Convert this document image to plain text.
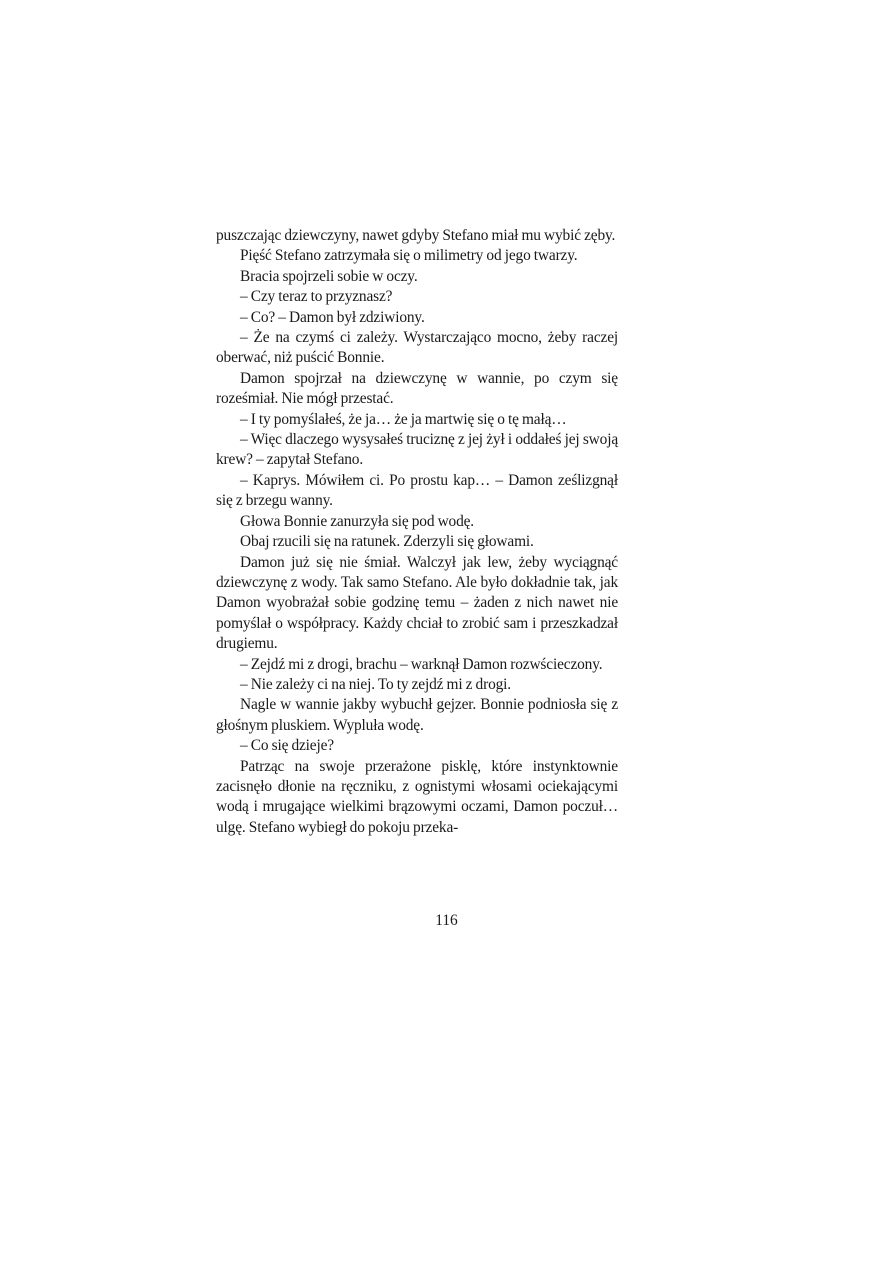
puszczając dziewczyny, nawet gdyby Stefano miał mu wybić zęby.

Pięść Stefano zatrzymała się o milimetry od jego twarzy.

Bracia spojrzeli sobie w oczy.

– Czy teraz to przyznasz?

– Co? – Damon był zdziwiony.

– Że na czymś ci zależy. Wystarczająco mocno, żeby raczej oberwać, niż puścić Bonnie.

Damon spojrzał na dziewczynę w wannie, po czym się roześmiał. Nie mógł przestać.

– I ty pomyślałeś, że ja… że ja martwię się o tę małą…

– Więc dlaczego wysysałeś truciznę z jej żył i oddałeś jej swoją krew? – zapytał Stefano.

– Kaprys. Mówiłem ci. Po prostu kap… – Damon ześlizgnął się z brzegu wanny.

Głowa Bonnie zanurzyła się pod wodę.

Obaj rzucili się na ratunek. Zderzyli się głowami.

Damon już się nie śmiał. Walczył jak lew, żeby wyciągnąć dziewczynę z wody. Tak samo Stefano. Ale było dokładnie tak, jak Damon wyobrażał sobie godzinę temu – żaden z nich nawet nie pomyślał o współpracy. Każdy chciał to zrobić sam i przeszkadzał drugiemu.

– Zejdź mi z drogi, brachu – warknął Damon rozwścieczony.

– Nie zależy ci na niej. To ty zejdź mi z drogi.

Nagle w wannie jakby wybuchł gejzer. Bonnie podniosła się z głośnym pluskiem. Wypluła wodę.

– Co się dzieje?

Patrząc na swoje przerażone pisklę, które instynktownie zacisnęło dłonie na ręczniku, z ognistymi włosami ociekającymi wodą i mrugające wielkimi brązowymi oczami, Damon poczuł… ulgę. Stefano wybiegł do pokoju przeka-

116
